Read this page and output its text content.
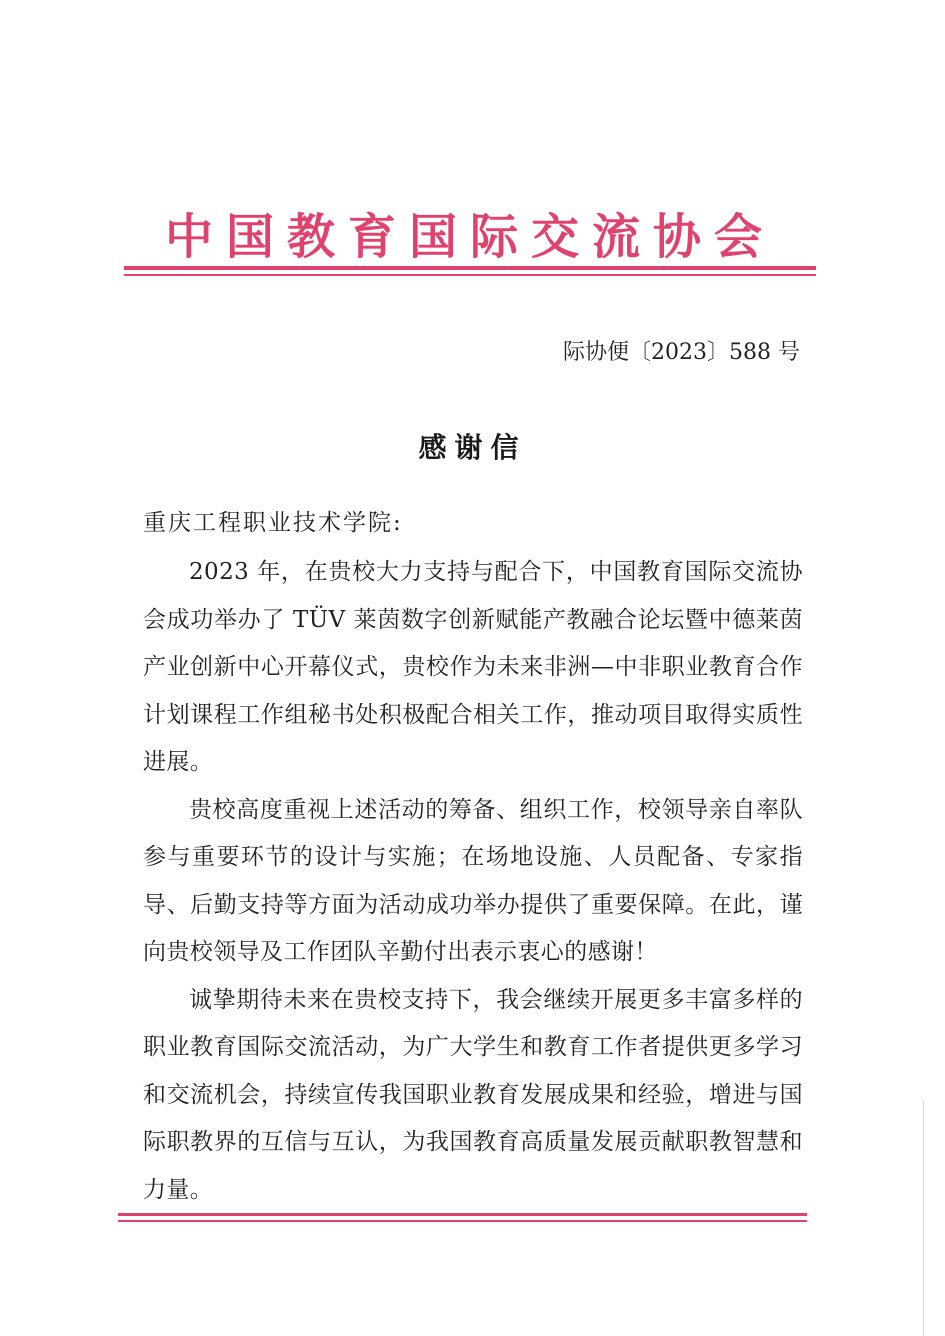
中国教育国际交流协会
际协便〔2023〕588 号
感谢信
重庆工程职业技术学院:

2023 年，在贵校大力支持与配合下，中国教育国际交流协会成功举办了 TÜV 莱茵数字创新赋能产教融合论坛暨中德莱茵产业创新中心开幕仪式，贵校作为未来非洲—中非职业教育合作计划课程工作组秘书处积极配合相关工作，推动项目取得实质性进展。

贵校高度重视上述活动的筹备、组织工作，校领导亲自率队参与重要环节的设计与实施；在场地设施、人员配备、专家指导、后勤支持等方面为活动成功举办提供了重要保障。在此，谨向贵校领导及工作团队辛勤付出表示衷心的感谢！

诚挚期待未来在贵校支持下，我会继续开展更多丰富多样的职业教育国际交流活动，为广大学生和教育工作者提供更多学习和交流机会，持续宣传我国职业教育发展成果和经验，增进与国际职教界的互信与互认，为我国教育高质量发展贡献职教智慧和力量。
